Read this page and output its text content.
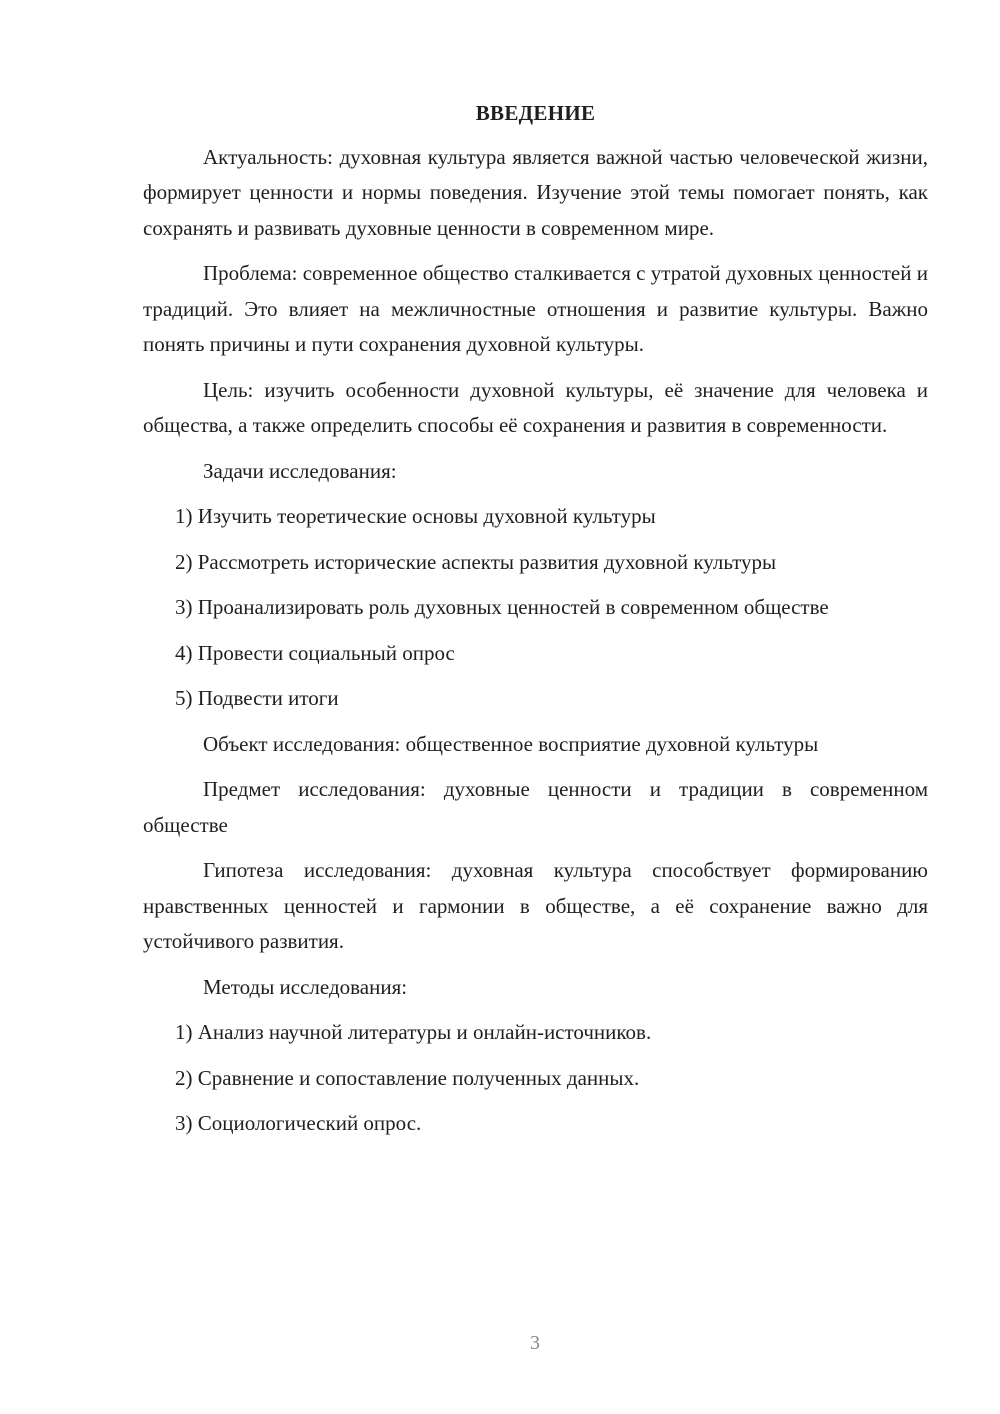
ВВЕДЕНИЕ

Актуальность: духовная культура является важной частью человеческой жизни, формирует ценности и нормы поведения. Изучение этой темы помогает понять, как сохранять и развивать духовные ценности в современном мире.

Проблема: современное общество сталкивается с утратой духовных ценностей и традиций. Это влияет на межличностные отношения и развитие культуры. Важно понять причины и пути сохранения духовной культуры.

Цель: изучить особенности духовной культуры, её значение для человека и общества, а также определить способы её сохранения и развития в современности.

Задачи исследования:

1) Изучить теоретические основы духовной культуры

2) Рассмотреть исторические аспекты развития духовной культуры

3) Проанализировать роль духовных ценностей в современном обществе

4) Провести социальный опрос

5) Подвести итоги

Объект исследования: общественное восприятие духовной культуры

Предмет исследования: духовные ценности и традиции в современном обществе

Гипотеза исследования: духовная культура способствует формированию нравственных ценностей и гармонии в обществе, а её сохранение важно для устойчивого развития.

Методы исследования:

1) Анализ научной литературы и онлайн-источников.

2) Сравнение и сопоставление полученных данных.

3) Социологический опрос.

3
